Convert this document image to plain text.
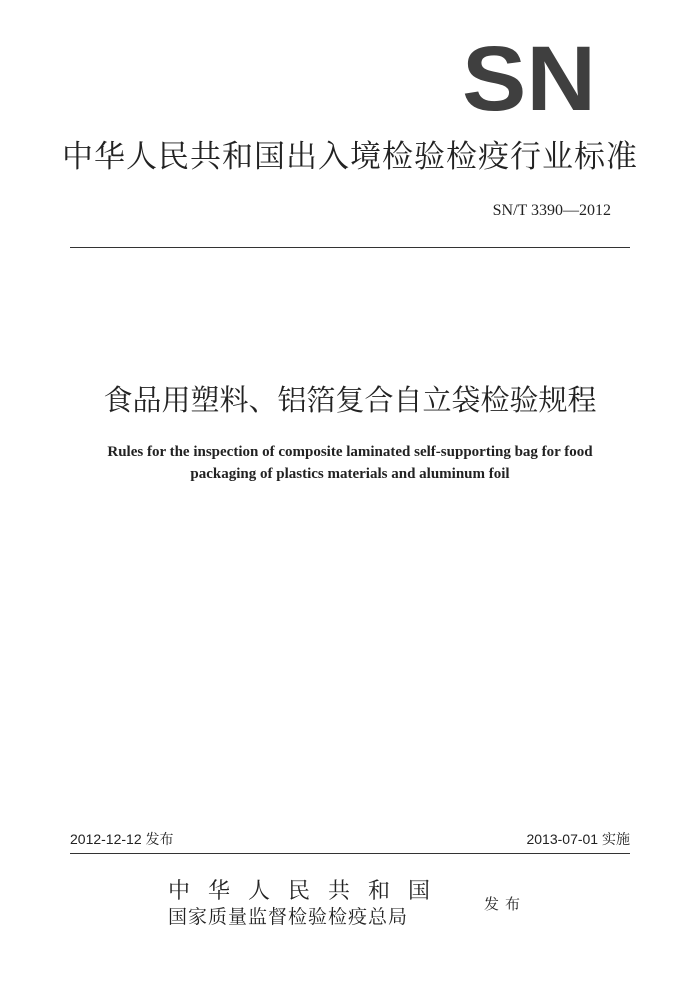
SN
中华人民共和国出入境检验检疫行业标准
SN/T 3390—2012
食品用塑料、铝箔复合自立袋检验规程
Rules for the inspection of composite laminated self-supporting bag for food
packaging of plastics materials and aluminum foil
2012-12-12 发布	2013-07-01 实施
中华人民共和国
国家质量监督检验检疫总局
发布
